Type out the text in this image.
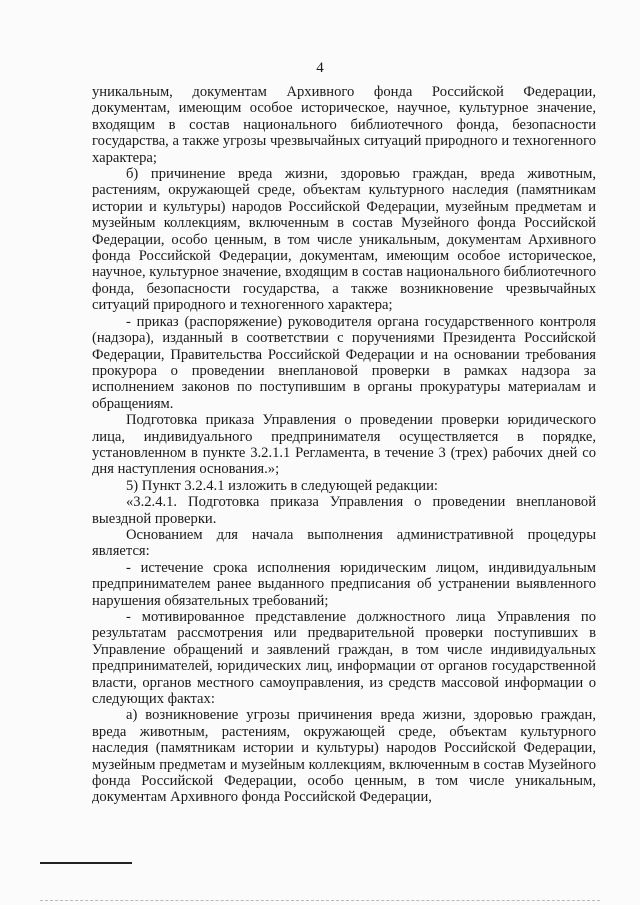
4

уникальным, документам Архивного фонда Российской Федерации, документам, имеющим особое историческое, научное, культурное значение, входящим в состав национального библиотечного фонда, безопасности государства, а также угрозы чрезвычайных ситуаций природного и техногенного характера;

б) причинение вреда жизни, здоровью граждан, вреда животным, растениям, окружающей среде, объектам культурного наследия (памятникам истории и культуры) народов Российской Федерации, музейным предметам и музейным коллекциям, включенным в состав Музейного фонда Российской Федерации, особо ценным, в том числе уникальным, документам Архивного фонда Российской Федерации, документам, имеющим особое историческое, научное, культурное значение, входящим в состав национального библиотечного фонда, безопасности государства, а также возникновение чрезвычайных ситуаций природного и техногенного характера;

- приказ (распоряжение) руководителя органа государственного контроля (надзора), изданный в соответствии с поручениями Президента Российской Федерации, Правительства Российской Федерации и на основании требования прокурора о проведении внеплановой проверки в рамках надзора за исполнением законов по поступившим в органы прокуратуры материалам и обращениям.

Подготовка приказа Управления о проведении проверки юридического лица, индивидуального предпринимателя осуществляется в порядке, установленном в пункте 3.2.1.1 Регламента, в течение 3 (трех) рабочих дней со дня наступления основания.»;

5) Пункт 3.2.4.1 изложить в следующей редакции:

«3.2.4.1. Подготовка приказа Управления о проведении внеплановой выездной проверки.

Основанием для начала выполнения административной процедуры является:

- истечение срока исполнения юридическим лицом, индивидуальным предпринимателем ранее выданного предписания об устранении выявленного нарушения обязательных требований;

- мотивированное представление должностного лица Управления по результатам рассмотрения или предварительной проверки поступивших в Управление обращений и заявлений граждан, в том числе индивидуальных предпринимателей, юридических лиц, информации от органов государственной власти, органов местного самоуправления, из средств массовой информации о следующих фактах:

а) возникновение угрозы причинения вреда жизни, здоровью граждан, вреда животным, растениям, окружающей среде, объектам культурного наследия (памятникам истории и культуры) народов Российской Федерации, музейным предметам и музейным коллекциям, включенным в состав Музейного фонда Российской Федерации, особо ценным, в том числе уникальным, документам Архивного фонда Российской Федерации,
